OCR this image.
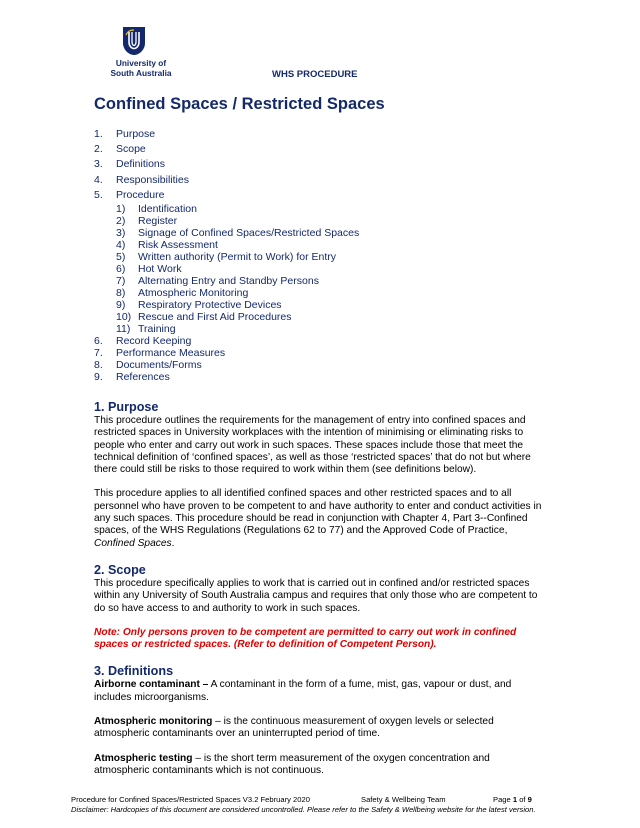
University of
South Australia	WHS PROCEDURE
Confined Spaces / Restricted Spaces
1.	Purpose
2.	Scope
3.	Definitions
4.	Responsibilities
5.	Procedure
1)	Identification
2)	Register
3)	Signage of Confined Spaces/Restricted Spaces
4)	Risk Assessment
5)	Written authority (Permit to Work) for Entry
6)	Hot Work
7)	Alternating Entry and Standby Persons
8)	Atmospheric Monitoring
9)	Respiratory Protective Devices
10) Rescue and First Aid Procedures
11) Training
6.	Record Keeping
7.	Performance Measures
8.	Documents/Forms
9.	References
1. Purpose

This procedure outlines the requirements for the management of entry into confined spaces and restricted spaces in University workplaces with the intention of minimising or eliminating risks to people who enter and carry out work in such spaces. These spaces include those that meet the technical definition of ‘confined spaces’, as well as those ‘restricted spaces’ that do not but where there could still be risks to those required to work within them (see definitions below).

This procedure applies to all identified confined spaces and other restricted spaces and to all personnel who have proven to be competent to and have authority to enter and conduct activities in any such spaces. This procedure should be read in conjunction with Chapter 4, Part 3--Confined spaces, of the WHS Regulations (Regulations 62 to 77) and the Approved Code of Practice, Confined Spaces.

2. Scope

This procedure specifically applies to work that is carried out in confined and/or restricted spaces within any University of South Australia campus and requires that only those who are competent to do so have access to and authority to work in such spaces.

Note: Only persons proven to be competent are permitted to carry out work in confined spaces or restricted spaces. (Refer to definition of Competent Person).

3. Definitions

Airborne contaminant – A contaminant in the form of a fume, mist, gas, vapour or dust, and includes microorganisms.

Atmospheric monitoring – is the continuous measurement of oxygen levels or selected atmospheric contaminants over an uninterrupted period of time.

Atmospheric testing – is the short term measurement of the oxygen concentration and atmospheric contaminants which is not continuous.

Procedure for Confined Spaces/Restricted Spaces V3.2 February 2020	Safety & Wellbeing Team	Page 1 of 9
Disclaimer: Hardcopies of this document are considered uncontrolled. Please refer to the Safety & Wellbeing website for the latest version.
